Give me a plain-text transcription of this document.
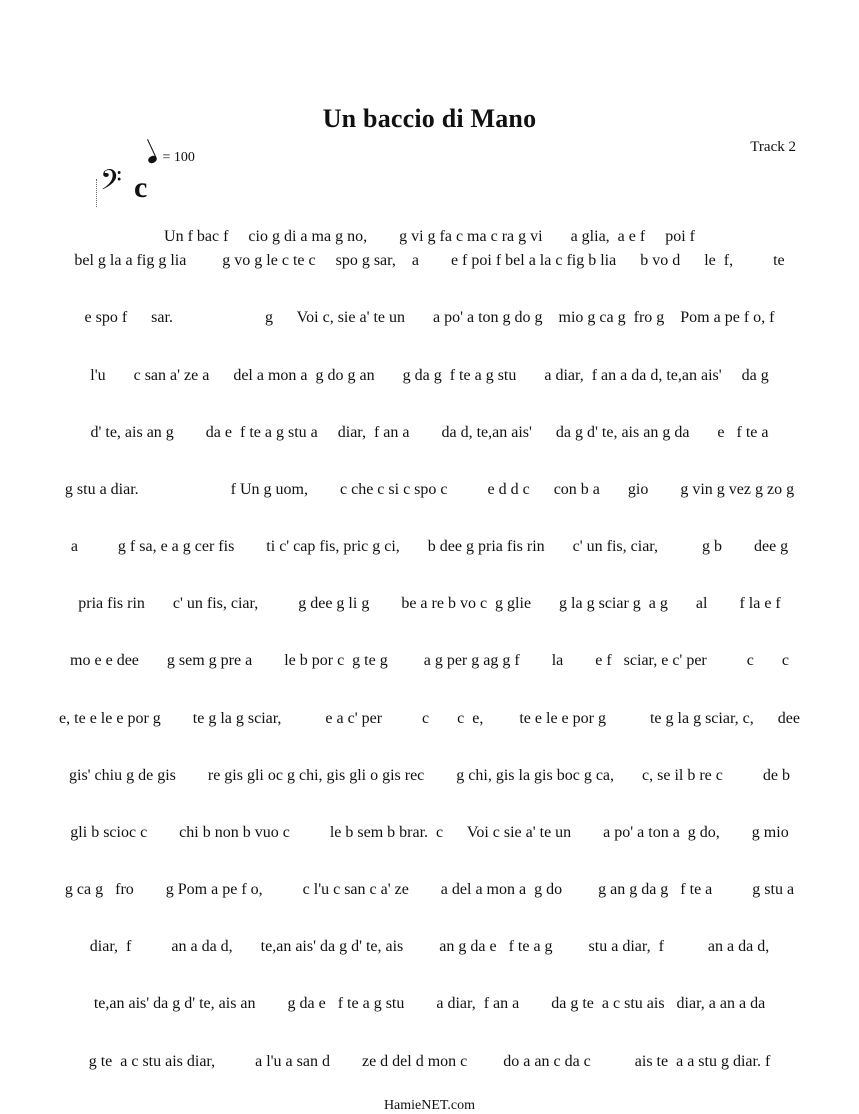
Un baccio di Mano
Track 2
= 100
𝄢 c
Un f bac f     cio g di a ma g no,        g vi g fa c ma c ra g vi       a glia,  a e f     poi f
bel g la a fig g lia         g vo g le c te c     spo g sar,    a        e f poi f bel a la c fig b lia      b vo d      le  f,          te
e spo f      sar.                       g      Voi c, sie a' te un       a po' a ton g do g    mio g ca g  fro g    Pom a pe f o, f
l'u       c san a' ze a      del a mon a  g do g an       g da g  f te a g stu       a diar,  f an a da d, te,an ais'     da g
d' te, ais an g        da e  f te a g stu a     diar,  f an a        da d, te,an ais'      da g d' te, ais an g da       e   f te a
g stu a diar.                       f Un g uom,        c che c si c spo c          e d d c      con b a       gio        g vin g vez g zo g
a          g f sa, e a g cer fis        ti c' cap fis, pric g ci,       b dee g pria fis rin       c' un fis, ciar,           g b        dee g
pria fis rin       c' un fis, ciar,          g dee g li g        be a re b vo c  g glie       g la g sciar g  a g       al        f la e f
mo e e dee       g sem g pre a        le b por c  g te g         a g per g ag g f        la        e f   sciar, e c' per          c       c
e, te e le e por g        te g la g sciar,           e a c' per          c       c  e,         te e le e por g           te g la g sciar, c,      dee
gis' chiu g de gis        re gis gli oc g chi, gis gli o gis rec        g chi, gis la gis boc g ca,       c, se il b re c          de b
gli b scioc c        chi b non b vuo c          le b sem b brar.  c      Voi c sie a' te un        a po' a ton a  g do,        g mio
g ca g   fro        g Pom a pe f o,          c l'u c san c a' ze        a del a mon a  g do         g an g da g   f te a          g stu a
diar,  f          an a da d,       te,an ais' da g d' te, ais         an g da e   f te a g         stu a diar,  f           an a da d,
te,an ais' da g d' te, ais an        g da e   f te a g stu        a diar,  f an a        da g te  a c stu ais   diar, a an a da
g te  a c stu ais diar,          a l'u a san d        ze d del d mon c         do a an c da c           ais te  a a stu g diar. f
HamieNET.com
